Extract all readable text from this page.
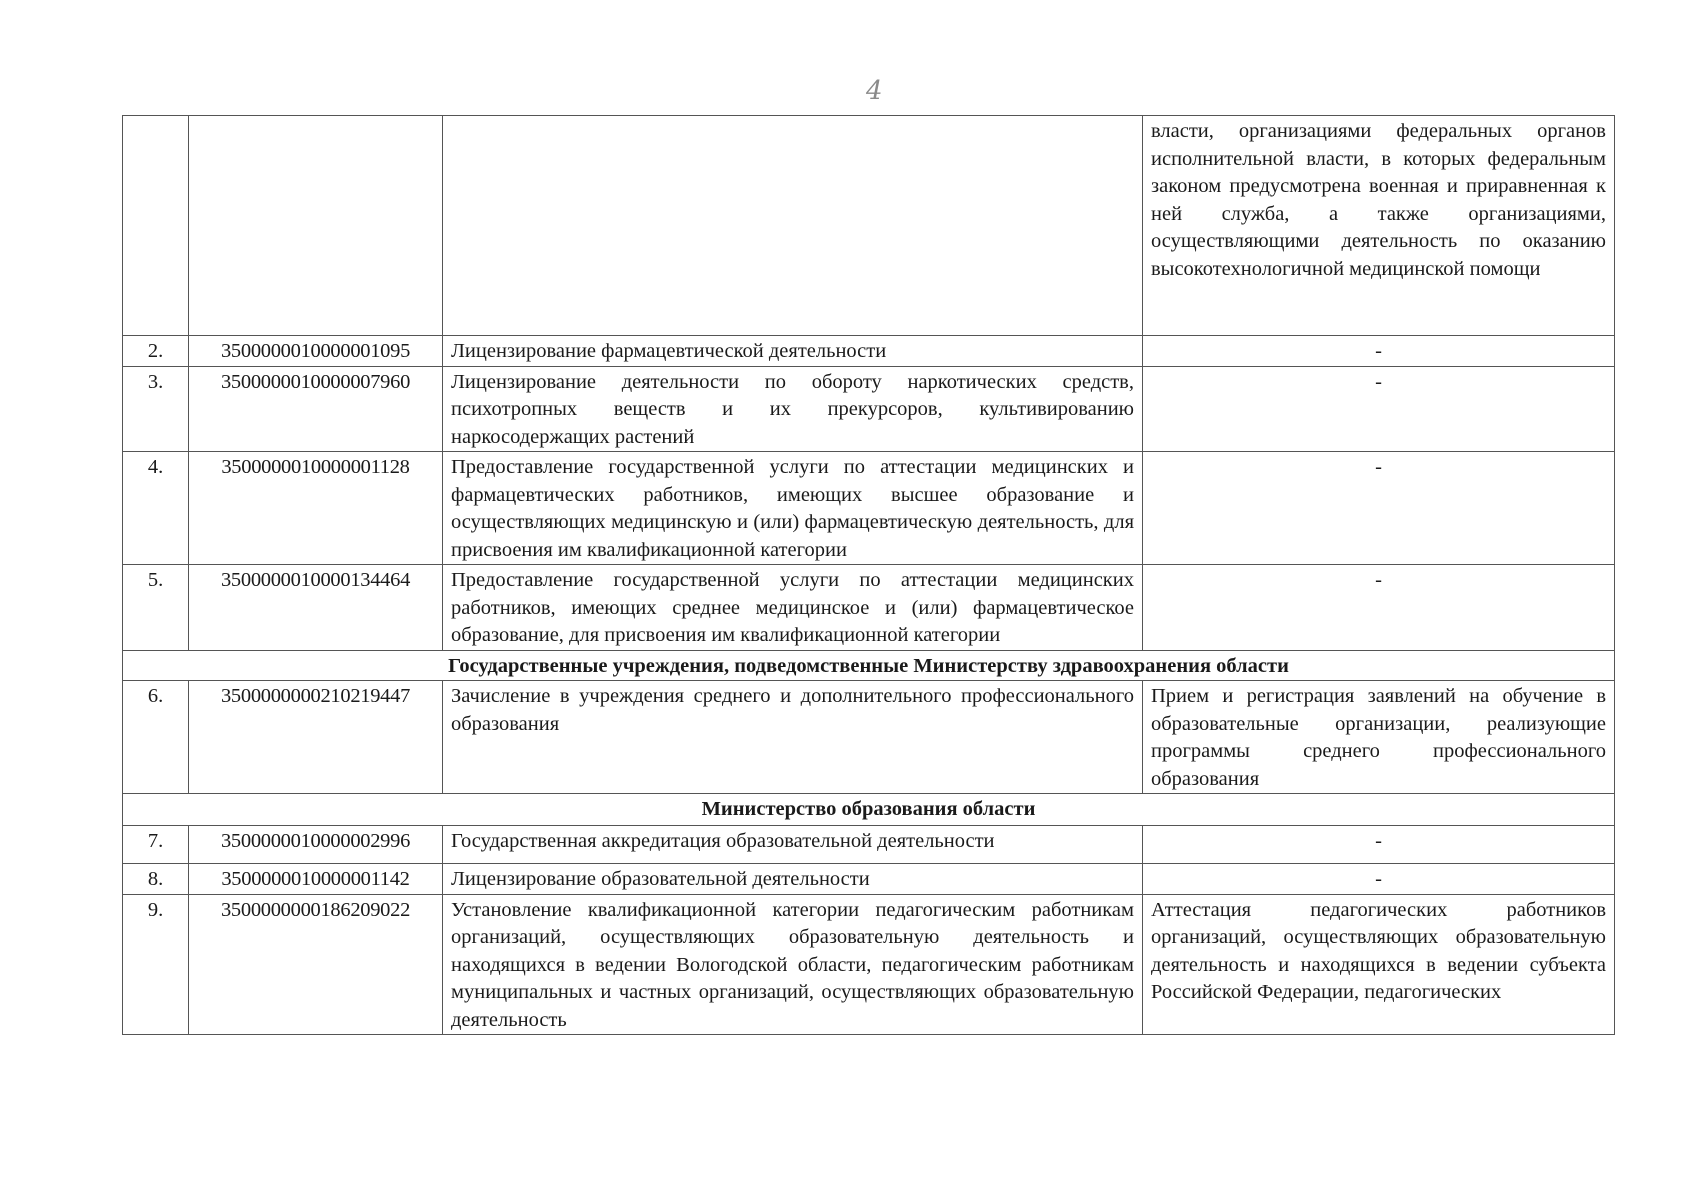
4
			власти, организациями федеральных органов исполнительной власти, в которых федеральным законом предусмотрена военная и приравненная к ней служба, а также организациями, осуществляющими деятельность по оказанию высокотехнологичной медицинской помощи
2.	3500000010000001095	Лицензирование фармацевтической деятельности	-
3.	3500000010000007960	Лицензирование деятельности по обороту наркотических средств, психотропных веществ и их прекурсоров, культивированию наркосодержащих растений	-
4.	3500000010000001128	Предоставление государственной услуги по аттестации медицинских и фармацевтических работников, имеющих высшее образование и осуществляющих медицинскую и (или) фармацевтическую деятельность, для присвоения им квалификационной категории	-
5.	3500000010000134464	Предоставление государственной услуги по аттестации медицинских работников, имеющих среднее медицинское и (или) фармацевтическое образование, для присвоения им квалификационной категории	-
Государственные учреждения, подведомственные Министерству здравоохранения области			
6.	3500000000210219447	Зачисление в учреждения среднего и дополнительного профессионального образования	Прием и регистрация заявлений на обучение в образовательные организации, реализующие программы среднего профессионального образования
Министерство образования области			
7.	3500000010000002996	Государственная аккредитация образовательной деятельности	-
8.	3500000010000001142	Лицензирование образовательной деятельности	-
9.	3500000000186209022	Установление квалификационной категории педагогическим работникам организаций, осуществляющих образовательную деятельность и находящихся в ведении Вологодской области, педагогическим работникам муниципальных и частных организаций, осуществляющих образовательную деятельность	Аттестация педагогических работников организаций, осуществляющих образовательную деятельность и находящихся в ведении субъекта Российской Федерации, педагогических
